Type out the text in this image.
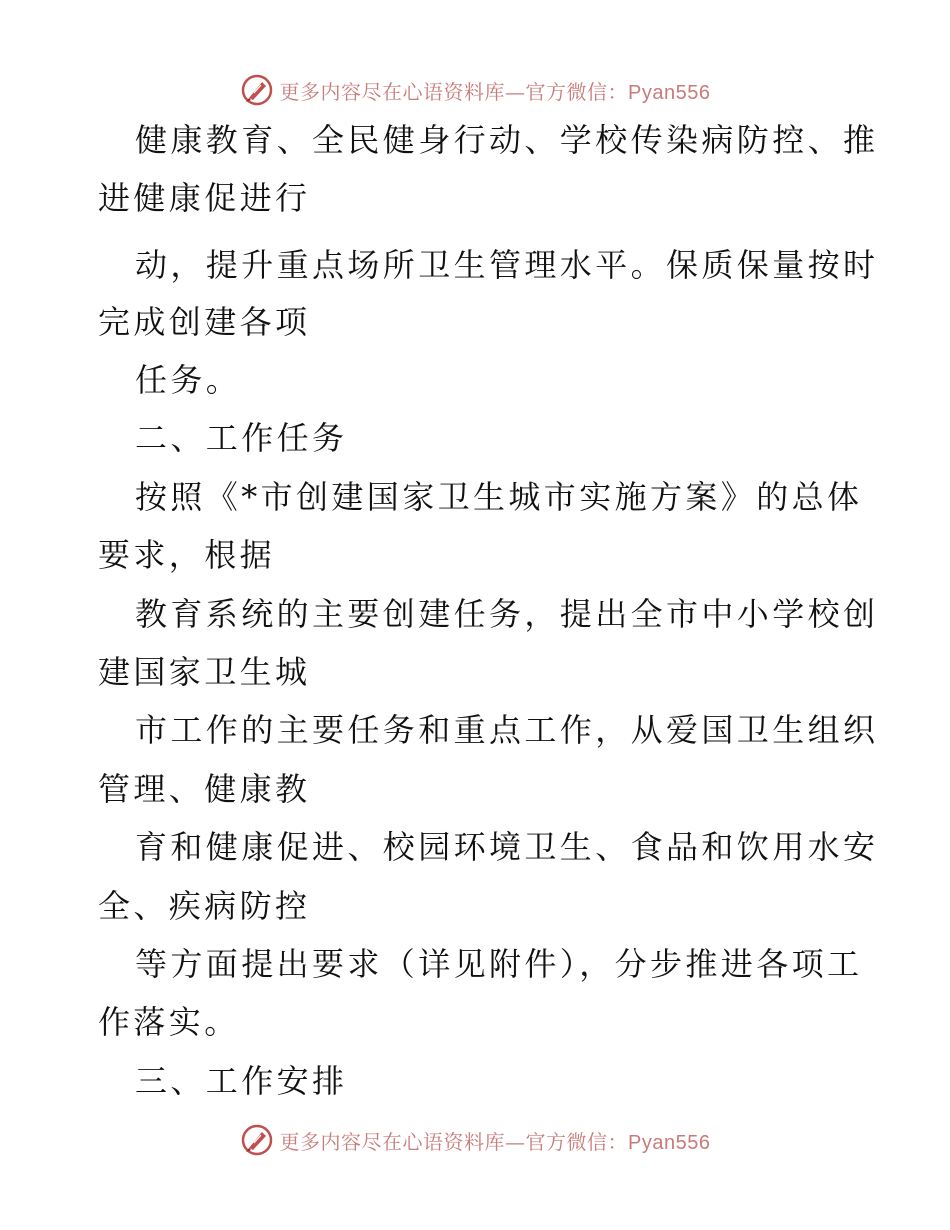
更多内容尽在心语资料库—官方微信：Pyan556
健康教育、全民健身行动、学校传染病防控、推
进健康促进行
动，提升重点场所卫生管理水平。保质保量按时
完成创建各项
任务。
二、工作任务
按照《*市创建国家卫生城市实施方案》的总体
要求，根据
教育系统的主要创建任务，提出全市中小学校创
建国家卫生城
市工作的主要任务和重点工作，从爱国卫生组织
管理、健康教
育和健康促进、校园环境卫生、食品和饮用水安
全、疾病防控
等方面提出要求（详见附件），分步推进各项工
作落实。
三、工作安排
更多内容尽在心语资料库—官方微信：Pyan556
